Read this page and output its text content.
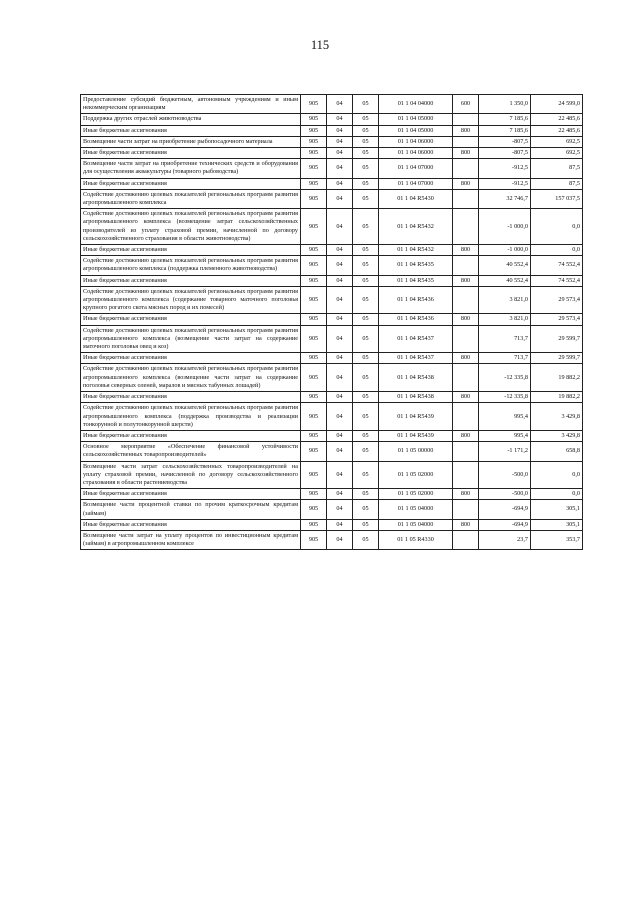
115
Предоставление субсидий бюджетным, автономным учреждениям и иным некоммерческим организациям	905	04	05	01 1 04 04000	600	1 350,0	24 599,0
Поддержка других отраслей животноводства	905	04	05	01 1 04 05000		7 185,6	22 485,6
Иные бюджетные ассигнования	905	04	05	01 1 04 05000	800	7 185,6	22 485,6
Возмещение части затрат на приобретение рыбопосадочного материала	905	04	05	01 1 04 06000		-807,5	692,5
Иные бюджетные ассигнования	905	04	05	01 1 04 06000	800	-807,5	692,5
Возмещение части затрат на приобретение технических средств и оборудования для осуществления аквакультуры (товарного рыбоводства)	905	04	05	01 1 04 07000		-912,5	87,5
Иные бюджетные ассигнования	905	04	05	01 1 04 07000	800	-912,5	87,5
Содействие достижению целевых показателей региональных программ развития агропромышленного комплекса	905	04	05	01 1 04 R5430		32 746,7	157 037,5
Содействие достижению целевых показателей региональных программ развития агропромышленного комплекса (возмещение затрат сельскохозяйственных производителей из уплату страховой премии, начисленной по договору сельскохозяйственного страхования в области животноводства)	905	04	05	01 1 04 R5432		-1 000,0	0,0
Иные бюджетные ассигнования	905	04	05	01 1 04 R5432	800	-1 000,0	0,0
Содействие достижению целевых показателей региональных программ развития агропромышленного комплекса (поддержка племенного животноводства)	905	04	05	01 1 04 R5435		40 552,4	74 552,4
Иные бюджетные ассигнования	905	04	05	01 1 04 R5435	800	40 552,4	74 552,4
Содействие достижению целевых показателей региональных программ развития агропромышленного комплекса (содержание товарного маточного поголовья крупного рогатого скота мясных пород и их помесей)	905	04	05	01 1 04 R5436		3 821,0	29 573,4
Иные бюджетные ассигнования	905	04	05	01 1 04 R5436	800	3 821,0	29 573,4
Содействие достижению целевых показателей региональных программ развития агропромышленного комплекса (возмещение части затрат на содержание маточного поголовья овец и коз)	905	04	05	01 1 04 R5437		713,7	29 599,7
Иные бюджетные ассигнования	905	04	05	01 1 04 R5437	800	713,7	29 599,7
Содействие достижению целевых показателей региональных программ развития агропромышленного комплекса (возмещение части затрат на содержание поголовья северных оленей, маралов и мясных табунных лошадей)	905	04	05	01 1 04 R5438		-12 335,8	19 882,2
Иные бюджетные ассигнования	905	04	05	01 1 04 R5438	800	-12 335,8	19 882,2
Содействие достижению целевых показателей региональных программ развития агропромышленного комплекса (поддержка производства и реализации тонкорунной и полутонкорунной шерсти)	905	04	05	01 1 04 R5439		995,4	3 429,8
Иные бюджетные ассигнования	905	04	05	01 1 04 R5439	800	995,4	3 429,8
Основное мероприятие «Обеспечение финансовой устойчивости сельскохозяйственных товаропроизводителей»	905	04	05	01 1 05 00000		-1 171,2	658,8
Возмещение части затрат сельскохозяйственных товаропроизводителей на уплату страховой премии, начисленной по договору сельскохозяйственного страхования в области растениеводства	905	04	05	01 1 05 02000		-500,0	0,0
Иные бюджетные ассигнования	905	04	05	01 1 05 02000	800	-500,0	0,0
Возмещение части процентной ставки по прочим краткосрочным кредитам (займам)	905	04	05	01 1 05 04000		-694,9	305,1
Иные бюджетные ассигнования	905	04	05	01 1 05 04000	800	-694,9	305,1
Возмещение части затрат на уплату процентов по инвестиционным кредитам (займам) в агропромышленном комплексе	905	04	05	01 1 05 R4330		23,7	353,7
